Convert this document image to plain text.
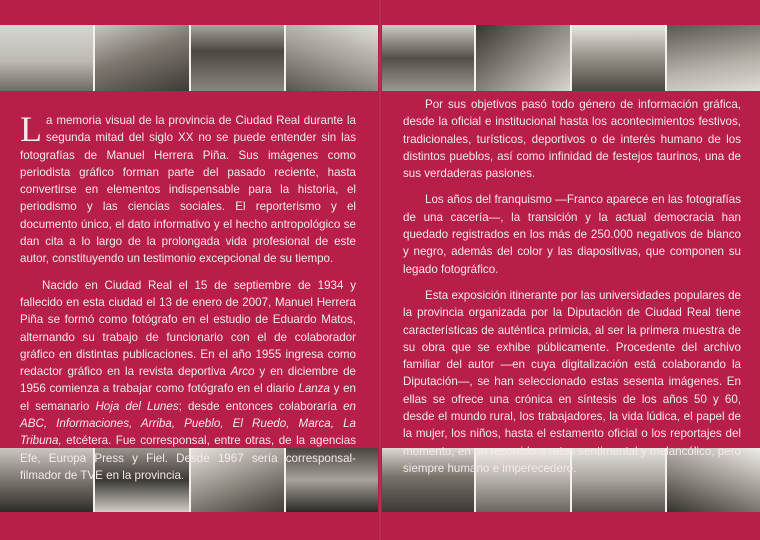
La memoria visual de la provincia de Ciudad Real durante la segunda mitad del siglo XX no se puede entender sin las fotografías de Manuel Herrera Piña. Sus imágenes como periodista gráfico forman parte del pasado reciente, hasta convertirse en elementos indispensable para la historia, el periodismo y las ciencias sociales. El reporterismo y el documento único, el dato informativo y el hecho antropológico se dan cita a lo largo de la prolongada vida profesional de este autor, constituyendo un testimonio excepcional de su tiempo.

Nacido en Ciudad Real el 15 de septiembre de 1934 y fallecido en esta ciudad el 13 de enero de 2007, Manuel Herrera Piña se formó como fotógrafo en el estudio de Eduardo Matos, alternando su trabajo de funcionario con el de colaborador gráfico en distintas publicaciones. En el año 1955 ingresa como redactor gráfico en la revista deportiva Arco y en diciembre de 1956 comienza a trabajar como fotógrafo en el diario Lanza y en el semanario Hoja del Lunes; desde entonces colaboraría en ABC, Informaciones, Arriba, Pueblo, El Ruedo, Marca, La Tribuna, etcétera. Fue corresponsal, entre otras, de la agencias Efe, Europa Press y Fiel. Desde 1967 sería corresponsal-filmador de TVE en la provincia.

Por sus objetivos pasó todo género de información gráfica, desde la oficial e institucional hasta los acontecimientos festivos, tradicionales, turísticos, deportivos o de interés humano de los distintos pueblos, así como infinidad de festejos taurinos, una de sus verdaderas pasiones.

Los años del franquismo —Franco aparece en las fotografías de una cacería—, la transición y la actual democracia han quedado registrados en los más de 250.000 negativos de blanco y negro, además del color y las diapositivas, que componen su legado fotográfico.

Esta exposición itinerante por las universidades populares de la provincia organizada por la Diputación de Ciudad Real tiene características de auténtica primicia, al ser la primera muestra de su obra que se exhibe públicamente. Procedente del archivo familiar del autor —en cuya digitalización está colaborando la Diputación—, se han seleccionado estas sesenta imágenes. En ellas se ofrece una crónica en síntesis de los años 50 y 60, desde el mundo rural, los trabajadores, la vida lúdica, el papel de la mujer, los niños, hasta el estamento oficial o los reportajes del momento, en un recorrido a ratos sentimental y melancólico, pero siempre humano e imperecedero.
